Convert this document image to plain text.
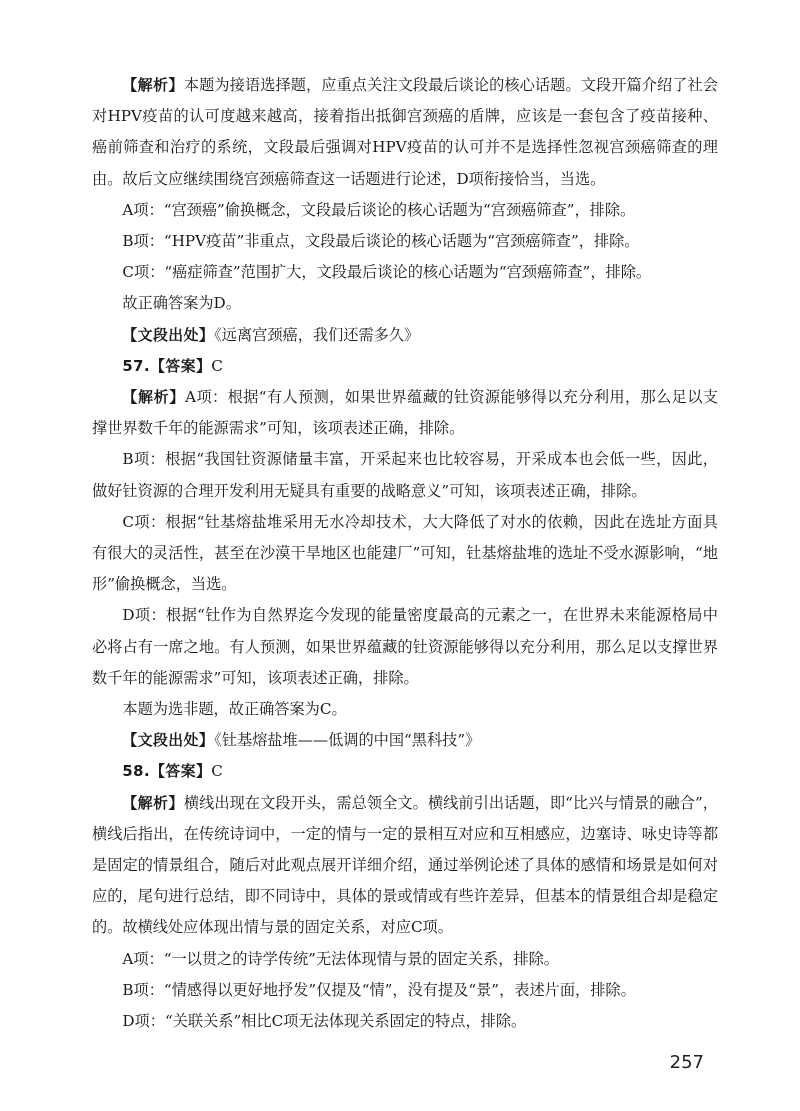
【解析】本题为接语选择题，应重点关注文段最后谈论的核心话题。文段开篇介绍了社会对HPV疫苗的认可度越来越高，接着指出抵御宫颈癌的盾牌，应该是一套包含了疫苗接种、癌前筛查和治疗的系统，文段最后强调对HPV疫苗的认可并不是选择性忽视宫颈癌筛查的理由。故后文应继续围绕宫颈癌筛查这一话题进行论述，D项衔接恰当，当选。

A项：“宫颈癌”偷换概念，文段最后谈论的核心话题为“宫颈癌筛查”，排除。

B项：“HPV疫苗”非重点，文段最后谈论的核心话题为“宫颈癌筛查”，排除。

C项：“癌症筛查”范围扩大，文段最后谈论的核心话题为“宫颈癌筛查”，排除。

故正确答案为D。

【文段出处】《远离宫颈癌，我们还需多久》

57.【答案】C

【解析】A项：根据“有人预测，如果世界蕴藏的钍资源能够得以充分利用，那么足以支撑世界数千年的能源需求”可知，该项表述正确，排除。

B项：根据“我国钍资源储量丰富，开采起来也比较容易，开采成本也会低一些，因此，做好钍资源的合理开发利用无疑具有重要的战略意义”可知，该项表述正确，排除。

C项：根据“钍基熔盐堆采用无水冷却技术，大大降低了对水的依赖，因此在选址方面具有很大的灵活性，甚至在沙漠干旱地区也能建厂”可知，钍基熔盐堆的选址不受水源影响，“地形”偷换概念，当选。

D项：根据“钍作为自然界迄今发现的能量密度最高的元素之一，在世界未来能源格局中必将占有一席之地。有人预测，如果世界蕴藏的钍资源能够得以充分利用，那么足以支撑世界数千年的能源需求”可知，该项表述正确，排除。

本题为选非题，故正确答案为C。

【文段出处】《钍基熔盐堆——低调的中国“黑科技”》

58.【答案】C

【解析】横线出现在文段开头，需总领全文。横线前引出话题，即“比兴与情景的融合”，横线后指出，在传统诗词中，一定的情与一定的景相互对应和互相感应，边塞诗、咏史诗等都是固定的情景组合，随后对此观点展开详细介绍，通过举例论述了具体的感情和场景是如何对应的，尾句进行总结，即不同诗中，具体的景或情或有些许差异，但基本的情景组合却是稳定的。故横线处应体现出情与景的固定关系，对应C项。

A项：“一以贯之的诗学传统”无法体现情与景的固定关系，排除。

B项：“情感得以更好地抒发”仅提及“情”，没有提及“景”，表述片面，排除。

D项：“关联关系”相比C项无法体现关系固定的特点，排除。

257
